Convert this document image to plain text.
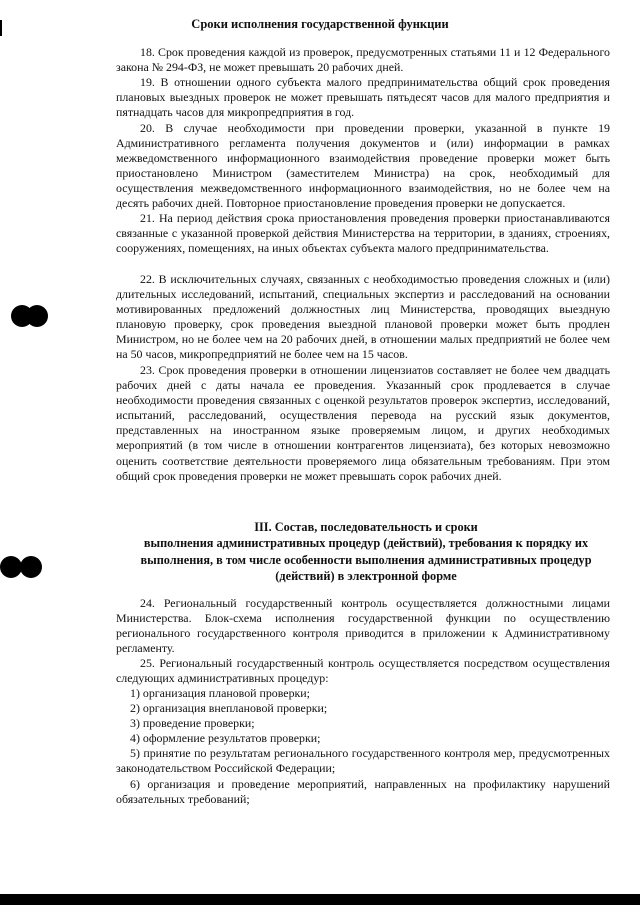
Сроки исполнения государственной функции

18. Срок проведения каждой из проверок, предусмотренных статьями 11 и 12 Федерального закона № 294-ФЗ, не может превышать 20 рабочих дней.

19. В отношении одного субъекта малого предпринимательства общий срок проведения плановых выездных проверок не может превышать пятьдесят часов для малого предприятия и пятнадцать часов для микропредприятия в год.

20. В случае необходимости при проведении проверки, указанной в пункте 19 Административного регламента получения документов и (или) информации в рамках межведомственного информационного взаимодействия проведение проверки может быть приостановлено Министром (заместителем Министра) на срок, необходимый для осуществления межведомственного информационного взаимодействия, но не более чем на десять рабочих дней. Повторное приостановление проведения проверки не допускается.

21. На период действия срока приостановления проведения проверки приостанавливаются связанные с указанной проверкой действия Министерства на территории, в зданиях, строениях, сооружениях, помещениях, на иных объектах субъекта малого предпринимательства.

22. В исключительных случаях, связанных с необходимостью проведения сложных и (или) длительных исследований, испытаний, специальных экспертиз и расследований на основании мотивированных предложений должностных лиц Министерства, проводящих выездную плановую проверку, срок проведения выездной плановой проверки может быть продлен Министром, но не более чем на 20 рабочих дней, в отношении малых предприятий не более чем на 50 часов, микропредприятий не более чем на 15 часов.

23. Срок проведения проверки в отношении лицензиатов составляет не более чем двадцать рабочих дней с даты начала ее проведения. Указанный срок продлевается в случае необходимости проведения связанных с оценкой результатов проверок экспертиз, исследований, испытаний, расследований, осуществления перевода на русский язык документов, представленных на иностранном языке проверяемым лицом, и других необходимых мероприятий (в том числе в отношении контрагентов лицензиата), без которых невозможно оценить соответствие деятельности проверяемого лица обязательным требованиям. При этом общий срок проведения проверки не может превышать сорок рабочих дней.

III. Состав, последовательность и сроки
выполнения административных процедур (действий), требования к порядку их
выполнения, в том числе особенности выполнения административных процедур
(действий) в электронной форме

24. Региональный государственный контроль осуществляется должностными лицами Министерства. Блок-схема исполнения государственной функции по осуществлению регионального государственного контроля приводится в приложении к Административному регламенту.

25. Региональный государственный контроль осуществляется посредством осуществления следующих административных процедур:

1) организация плановой проверки;
2) организация внеплановой проверки;
3) проведение проверки;
4) оформление результатов проверки;
5) принятие по результатам регионального государственного контроля мер, предусмотренных законодательством Российской Федерации;
6) организация и проведение мероприятий, направленных на профилактику нарушений обязательных требований;
